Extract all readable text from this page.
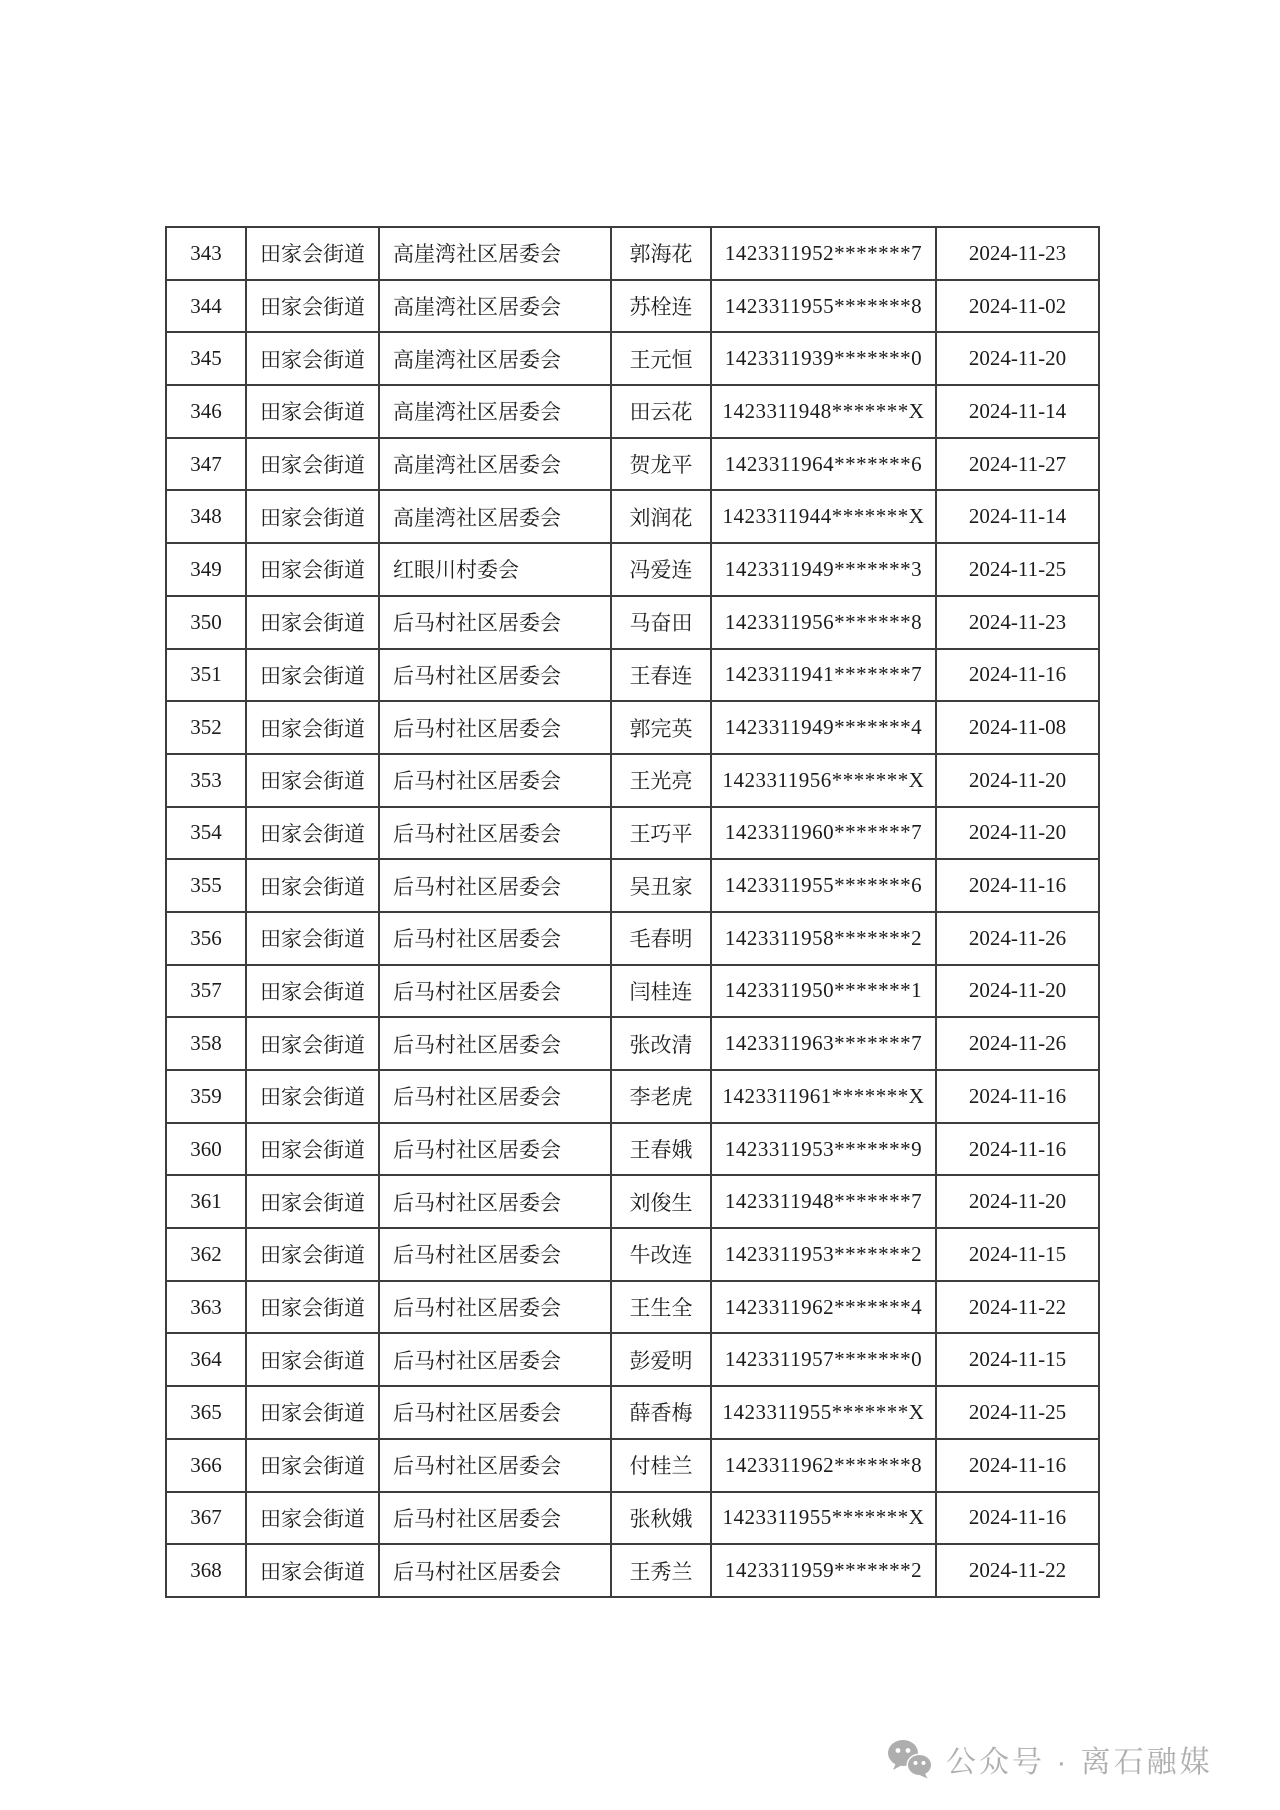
343	田家会街道	高崖湾社区居委会	郭海花	1423311952*******7	2024-11-23
344	田家会街道	高崖湾社区居委会	苏栓连	1423311955*******8	2024-11-02
345	田家会街道	高崖湾社区居委会	王元恒	1423311939*******0	2024-11-20
346	田家会街道	高崖湾社区居委会	田云花	1423311948*******X	2024-11-14
347	田家会街道	高崖湾社区居委会	贺龙平	1423311964*******6	2024-11-27
348	田家会街道	高崖湾社区居委会	刘润花	1423311944*******X	2024-11-14
349	田家会街道	红眼川村委会	冯爱连	1423311949*******3	2024-11-25
350	田家会街道	后马村社区居委会	马奋田	1423311956*******8	2024-11-23
351	田家会街道	后马村社区居委会	王春连	1423311941*******7	2024-11-16
352	田家会街道	后马村社区居委会	郭完英	1423311949*******4	2024-11-08
353	田家会街道	后马村社区居委会	王光亮	1423311956*******X	2024-11-20
354	田家会街道	后马村社区居委会	王巧平	1423311960*******7	2024-11-20
355	田家会街道	后马村社区居委会	吴丑家	1423311955*******6	2024-11-16
356	田家会街道	后马村社区居委会	毛春明	1423311958*******2	2024-11-26
357	田家会街道	后马村社区居委会	闫桂连	1423311950*******1	2024-11-20
358	田家会街道	后马村社区居委会	张改清	1423311963*******7	2024-11-26
359	田家会街道	后马村社区居委会	李老虎	1423311961*******X	2024-11-16
360	田家会街道	后马村社区居委会	王春娥	1423311953*******9	2024-11-16
361	田家会街道	后马村社区居委会	刘俊生	1423311948*******7	2024-11-20
362	田家会街道	后马村社区居委会	牛改连	1423311953*******2	2024-11-15
363	田家会街道	后马村社区居委会	王生全	1423311962*******4	2024-11-22
364	田家会街道	后马村社区居委会	彭爱明	1423311957*******0	2024-11-15
365	田家会街道	后马村社区居委会	薛香梅	1423311955*******X	2024-11-25
366	田家会街道	后马村社区居委会	付桂兰	1423311962*******8	2024-11-16
367	田家会街道	后马村社区居委会	张秋娥	1423311955*******X	2024-11-16
368	田家会街道	后马村社区居委会	王秀兰	1423311959*******2	2024-11-22
公众号 · 离石融媒
